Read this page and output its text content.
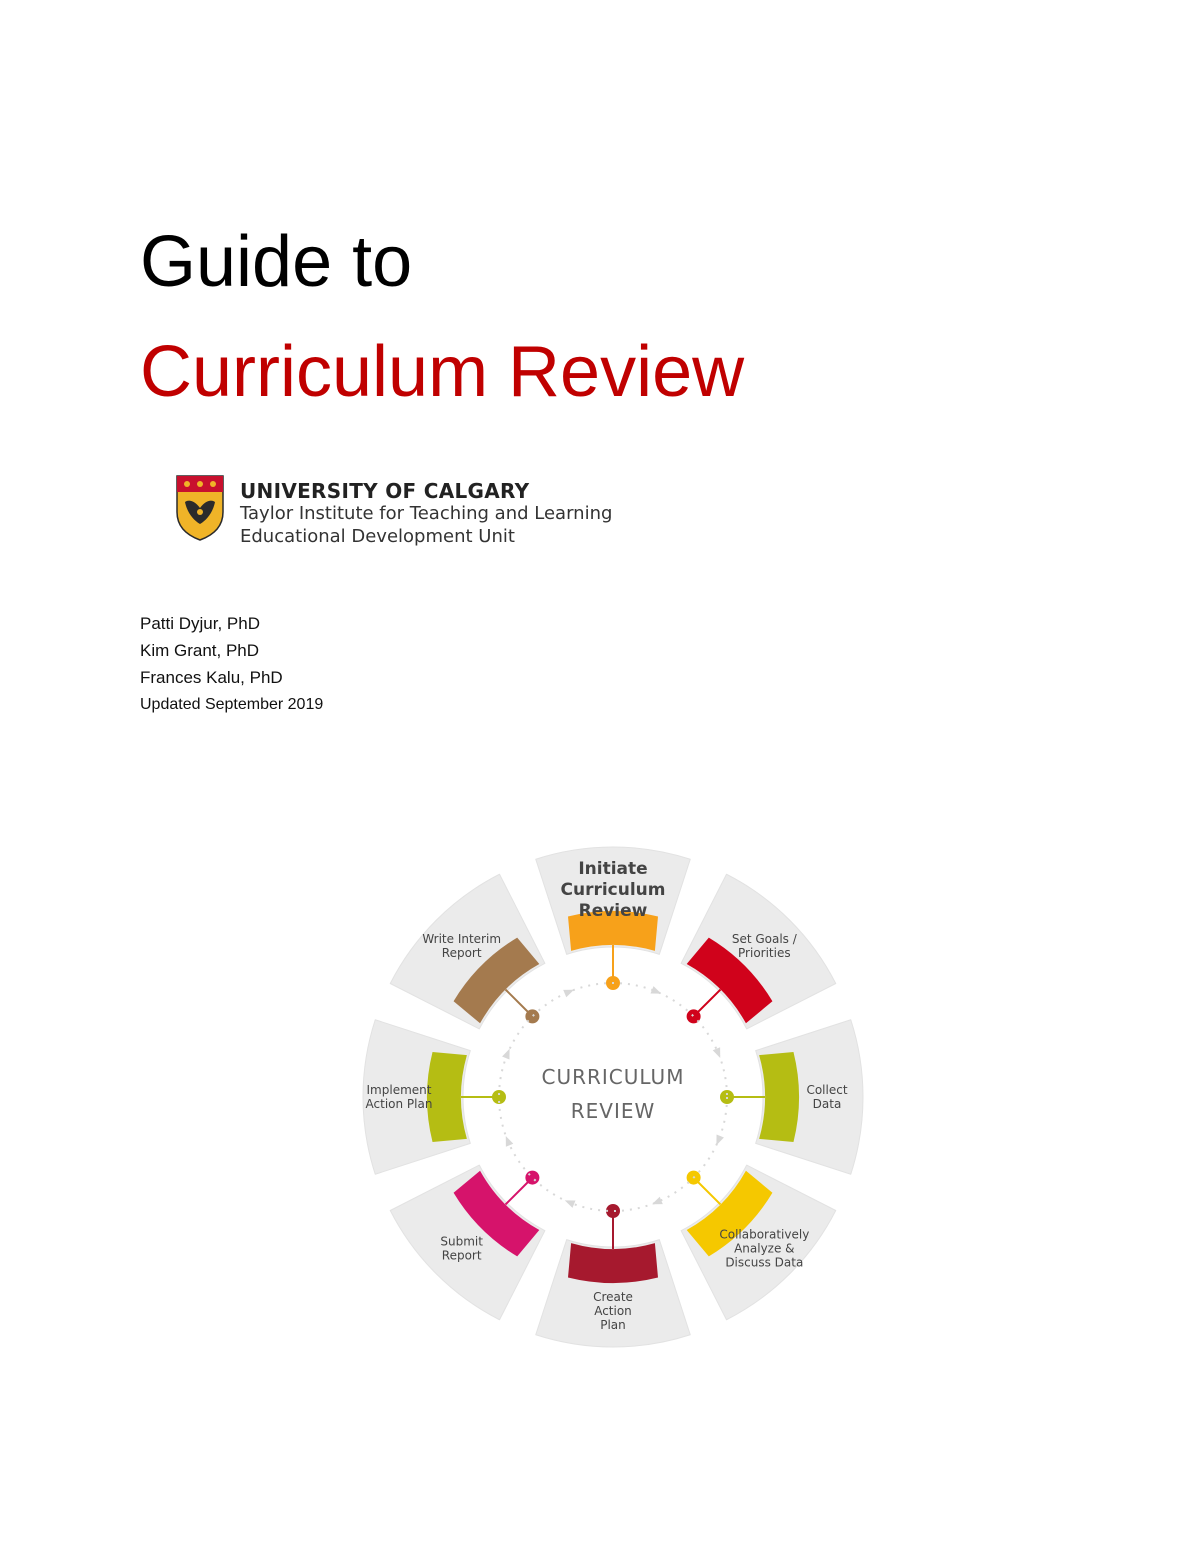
Guide to
Curriculum Review
UNIVERSITY OF CALGARY
Taylor Institute for Teaching and Learning
Educational Development Unit
Patti Dyjur, PhD
Kim Grant, PhD
Frances Kalu, PhD
Updated September 2019
Initiate
Curriculum
Review
Set Goals /
Priorities
Collect
Data
Collaboratively
Analyze &
Discuss Data
Create
Action
Plan
Submit
Report
Implement
Action Plan
Write Interim
Report
CURRICULUM
REVIEW
